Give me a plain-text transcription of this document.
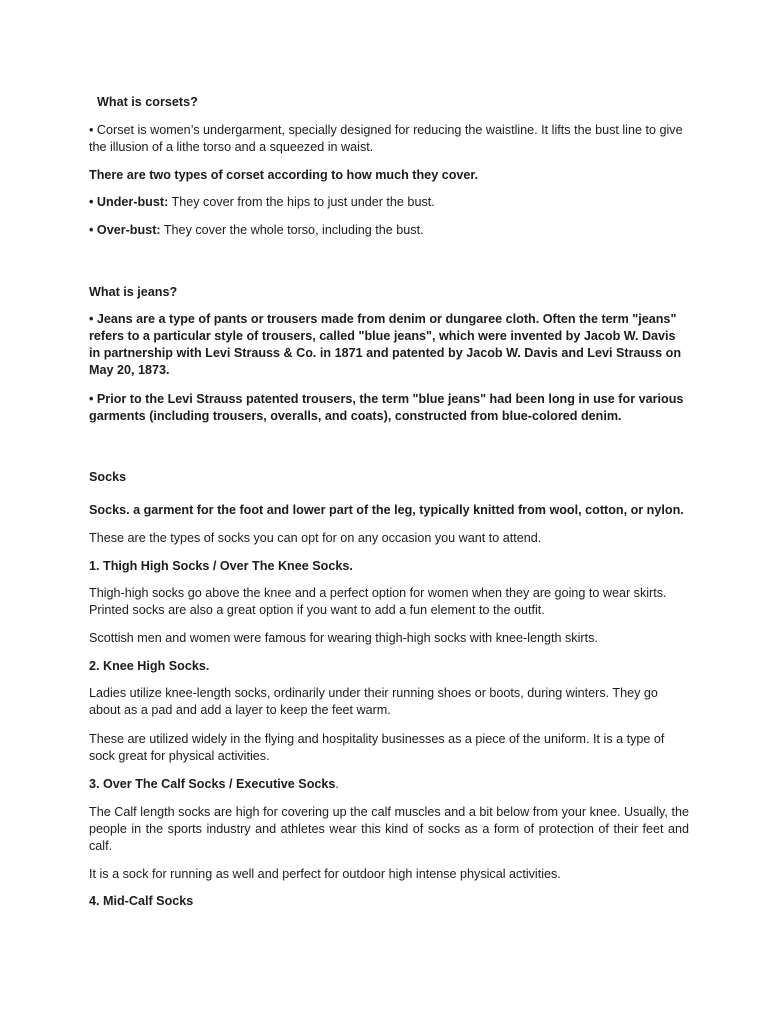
What is corsets?

• Corset is women’s undergarment, specially designed for reducing the waistline. It lifts the bust line to give the illusion of a lithe torso and a squeezed in waist.

There are two types of corset according to how much they cover.

• Under-bust: They cover from the hips to just under the bust.

• Over-bust: They cover the whole torso, including the bust.

What is jeans?

• Jeans are a type of pants or trousers made from denim or dungaree cloth. Often the term "jeans" refers to a particular style of trousers, called "blue jeans", which were invented by Jacob W. Davis in partnership with Levi Strauss & Co. in 1871 and patented by Jacob W. Davis and Levi Strauss on May 20, 1873.

• Prior to the Levi Strauss patented trousers, the term "blue jeans" had been long in use for various garments (including trousers, overalls, and coats), constructed from blue-colored denim.

Socks

Socks. a garment for the foot and lower part of the leg, typically knitted from wool, cotton, or nylon.

These are the types of socks you can opt for on any occasion you want to attend.

1. Thigh High Socks / Over The Knee Socks.

Thigh-high socks go above the knee and a perfect option for women when they are going to wear skirts. Printed socks are also a great option if you want to add a fun element to the outfit.

Scottish men and women were famous for wearing thigh-high socks with knee-length skirts.

2. Knee High Socks.

Ladies utilize knee-length socks, ordinarily under their running shoes or boots, during winters. They go about as a pad and add a layer to keep the feet warm.

These are utilized widely in the flying and hospitality businesses as a piece of the uniform. It is a type of sock great for physical activities.

3. Over The Calf Socks / Executive Socks.

The Calf length socks are high for covering up the calf muscles and a bit below from your knee. Usually, the people in the sports industry and athletes wear this kind of socks as a form of protection of their feet and calf.

It is a sock for running as well and perfect for outdoor high intense physical activities.

4. Mid-Calf Socks
